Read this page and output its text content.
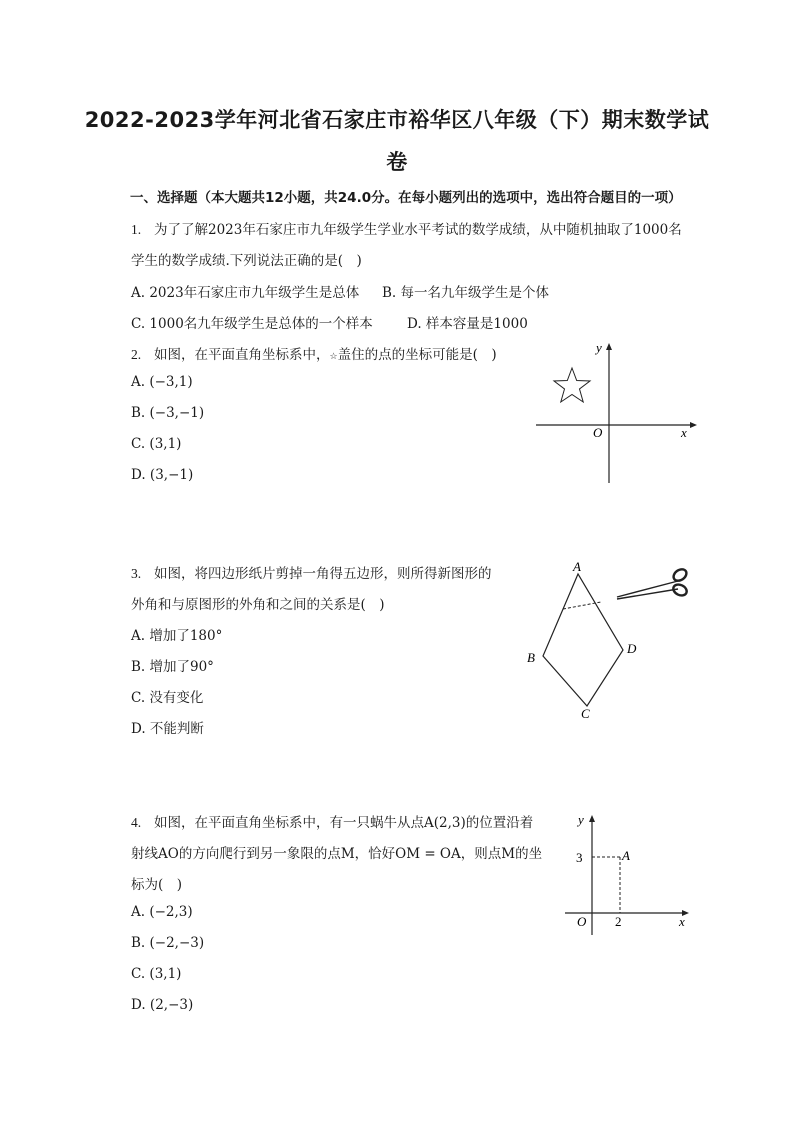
2022-2023学年河北省石家庄市裕华区八年级（下）期末数学试
卷
一、选择题（本大题共12小题，共24.0分。在每小题列出的选项中，选出符合题目的一项）
1. 为了了解2023年石家庄市九年级学生学业水平考试的数学成绩，从中随机抽取了1000名
学生的数学成绩.下列说法正确的是(　)
A. 2023年石家庄市九年级学生是总体 B. 每一名九年级学生是个体
C. 1000名九年级学生是总体的一个样本	D. 样本容量是1000
2. 如图，在平面直角坐标系中，☆盖住的点的坐标可能是(　)
A. (−3,1)
B. (−3,−1)
C. (3,1)
D. (3,−1)
x
y
O
3. 如图，将四边形纸片剪掉一角得五边形，则所得新图形的
外角和与原图形的外角和之间的关系是(　)
A. 增加了180°
B. 增加了90°
C. 没有变化
D. 不能判断
A
B
C
D
4. 如图，在平面直角坐标系中，有一只蜗牛从点A(2,3)的位置沿着
射线AO的方向爬行到另一象限的点M，恰好OM = OA，则点M的坐
标为(　)
A. (−2,3)
B. (−2,−3)
C. (3,1)
D. (2,−3)
x
y
O 2
3	A
